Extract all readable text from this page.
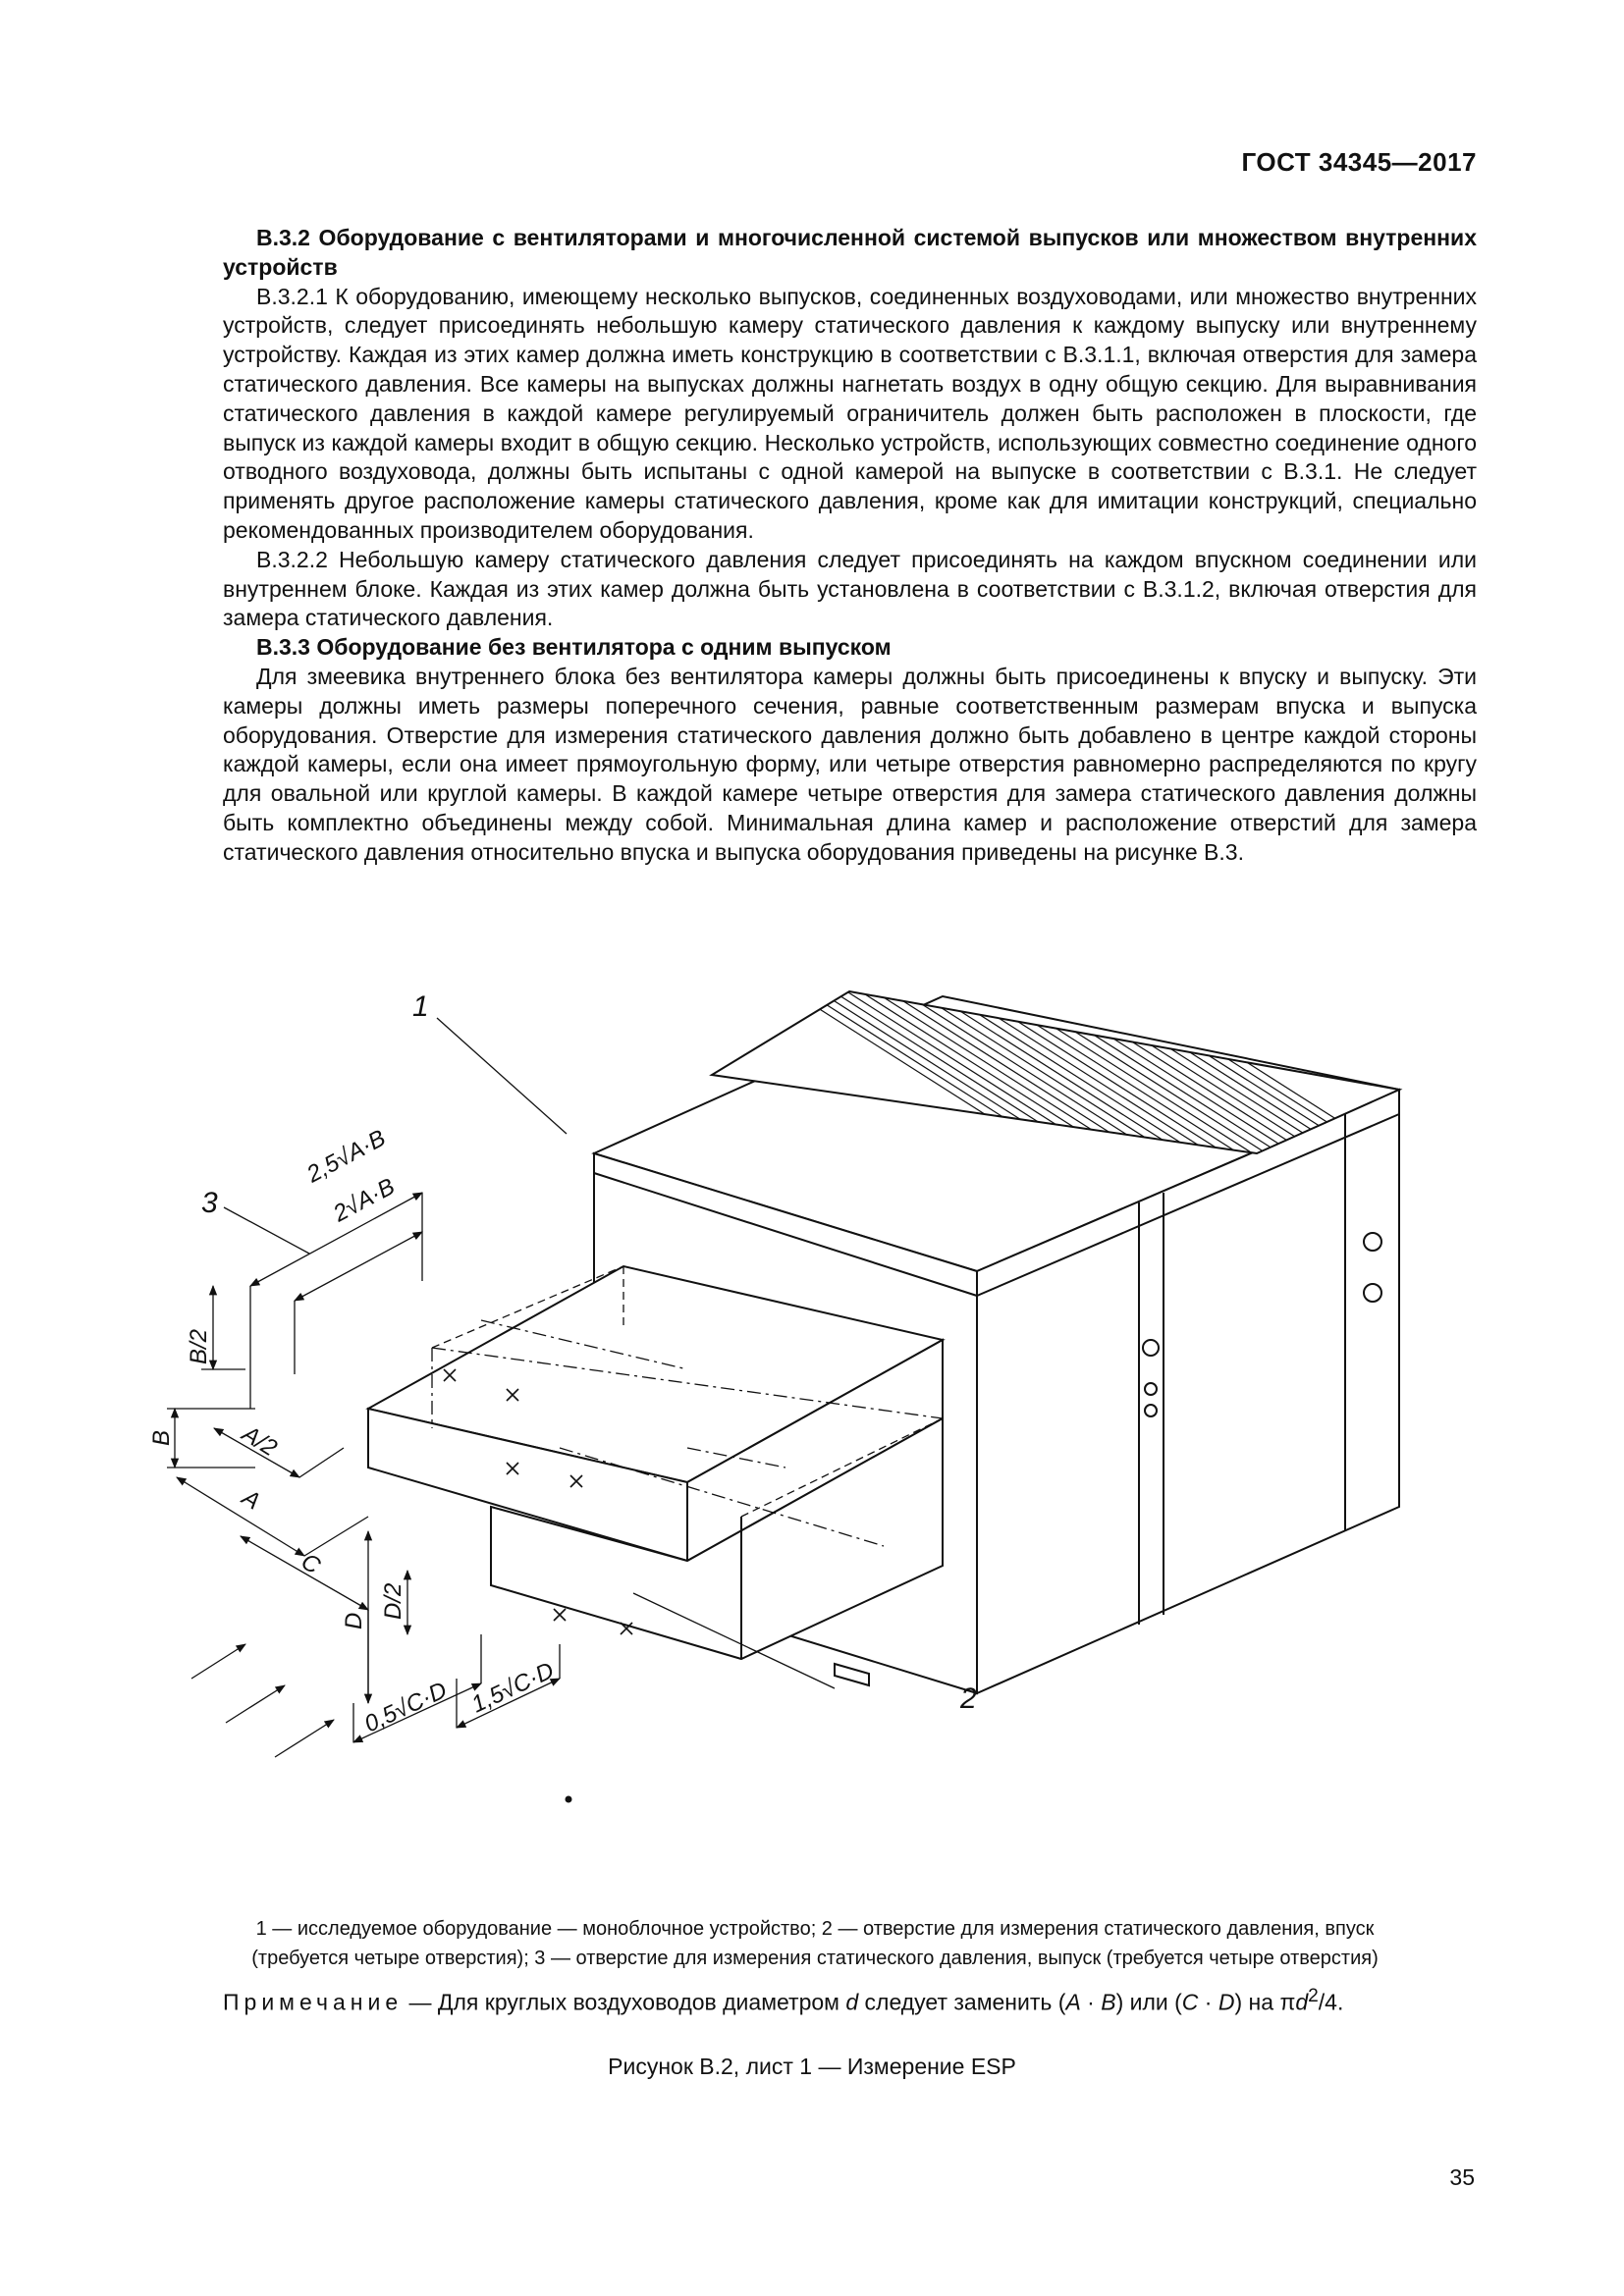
ГОСТ 34345—2017

В.3.2 Оборудование с вентиляторами и многочисленной системой выпусков или множеством внутренних устройств

В.3.2.1 К оборудованию, имеющему несколько выпусков, соединенных воздуховодами, или множество внутренних устройств, следует присоединять небольшую камеру статического давления к каждому выпуску или внутреннему устройству. Каждая из этих камер должна иметь конструкцию в соответствии с В.3.1.1, включая отверстия для замера статического давления. Все камеры на выпусках должны нагнетать воздух в одну общую секцию. Для выравнивания статического давления в каждой камере регулируемый ограничитель должен быть расположен в плоскости, где выпуск из каждой камеры входит в общую секцию. Несколько устройств, использующих совместно соединение одного отводного воздуховода, должны быть испытаны с одной камерой на выпуске в соответствии с В.3.1. Не следует применять другое расположение камеры статического давления, кроме как для имитации конструкций, специально рекомендованных производителем оборудования.

В.3.2.2 Небольшую камеру статического давления следует присоединять на каждом впускном соединении или внутреннем блоке. Каждая из этих камер должна быть установлена в соответствии с В.3.1.2, включая отверстия для замера статического давления.

В.3.3 Оборудование без вентилятора с одним выпуском

Для змеевика внутреннего блока без вентилятора камеры должны быть присоединены к впуску и выпуску. Эти камеры должны иметь размеры поперечного сечения, равные соответственным размерам впуска и выпуска оборудования. Отверстие для измерения статического давления должно быть добавлено в центре каждой стороны каждой камеры, если она имеет прямоугольную форму, или четыре отверстия равномерно распределяются по кругу для овальной или круглой камеры. В каждой камере четыре отверстия для замера статического давления должны быть комплектно объединены между собой. Минимальная длина камер и расположение отверстий для замера статического давления относительно впуска и выпуска оборудования приведены на рисунке В.3.

1
3
2
2,5√A·B
2√A·B
B/2
B	A/2
A
C
D
D/2
0,5√C·D 1,5√C·D
1 — исследуемое оборудование — моноблочное устройство; 2 — отверстие для измерения статического давления, впуск
(требуется четыре отверстия); 3 — отверстие для измерения статического давления, выпуск (требуется четыре отверстия)
Примечание — Для круглых воздуховодов диаметром d следует заменить (A · B) или (C · D) на $\pi d^2/4$.
Рисунок В.2, лист 1 — Измерение ESP
35
